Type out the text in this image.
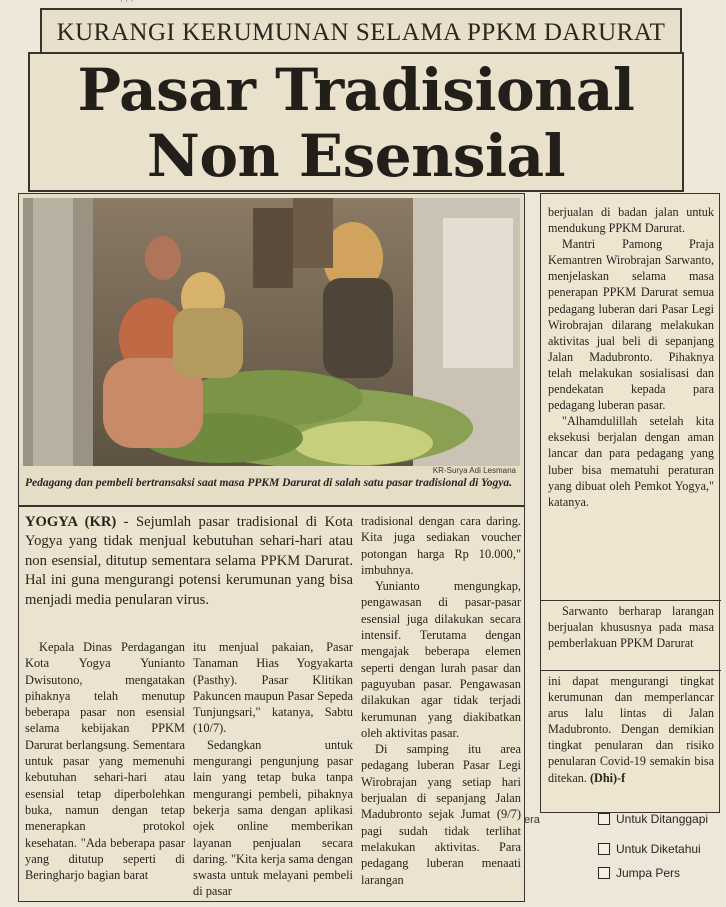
· · ·
KURANGI KERUMUNAN SELAMA PPKM DARURAT
Pasar Tradisional
Non Esensial
KR-Surya Adi Lesmana
Pedagang dan pembeli bertransaksi saat masa PPKM Darurat di salah satu pasar tradisional di Yogya.
YOGYA (KR) - Sejumlah pasar tradisional di Kota Yogya yang tidak menjual kebutuhan sehari-hari atau non esensial, ditutup sementara selama PPKM Darurat. Hal ini guna mengurangi potensi kerumunan yang bisa menjadi media penularan virus.
Kepala Dinas Perdagangan Kota Yogya Yunianto Dwisutono, mengatakan pihaknya telah menutup beberapa pasar non esensial selama kebijakan PPKM Darurat berlangsung. Sementara untuk pasar yang memenuhi kebutuhan sehari-hari atau esensial tetap diperbolehkan buka, namun dengan tetap menerapkan protokol kesehatan. "Ada beberapa pasar yang ditutup seperti di Beringharjo bagian barat

itu menjual pakaian, Pasar Tanaman Hias Yogyakarta (Pasthy). Pasar Klitikan Pakuncen maupun Pasar Sepeda Tunjungsari," katanya, Sabtu (10/7).

Sedangkan untuk mengurangi pengunjung pasar lain yang tetap buka tanpa mengurangi pembeli, pihaknya bekerja sama dengan aplikasi ojek online memberikan layanan penjualan secara daring. "Kita kerja sama dengan swasta untuk melayani pembeli di pasar

tradisional dengan cara daring. Kita juga sediakan voucher potongan harga Rp 10.000," imbuhnya.

Yunianto mengungkap, pengawasan di pasar-pasar esensial juga dilakukan secara intensif. Terutama dengan mengajak beberapa elemen seperti dengan lurah pasar dan paguyuban pasar. Pengawasan dilakukan agar tidak terjadi kerumunan yang diakibatkan oleh aktivitas pasar.

Di samping itu area pedagang luberan Pasar Legi Wirobrajan yang setiap hari berjualan di sepanjang Jalan Madubronto sejak Jumat (9/7) pagi sudah tidak terlihat melakukan aktivitas. Para pedagang luberan menaati larangan

berjualan di badan jalan untuk mendukung PPKM Darurat.

Mantri Pamong Praja Kemantren Wirobrajan Sarwanto, menjelaskan selama masa penerapan PPKM Darurat semua pedagang luberan dari Pasar Legi Wirobrajan dilarang melakukan aktivitas jual beli di sepanjang Jalan Madubronto. Pihaknya telah melakukan sosialisasi dan pendekatan kepada para pedagang luberan pasar.

"Alhamdulillah setelah kita eksekusi berjalan dengan aman lancar dan para pedagang yang luber bisa mematuhi peraturan yang dibuat oleh Pemkot Yogya," katanya.

Sarwanto berharap larangan berjualan khususnya pada masa pemberlakuan PPKM Darurat

ini dapat mengurangi tingkat kerumunan dan memperlancar arus lalu lintas di Jalan Madubronto. Dengan demikian tingkat penularan dan risiko penularan Covid-19 semakin bisa ditekan. (Dhi)-f

era	Untuk Ditanggapi
Untuk Diketahui
Jumpa Pers
